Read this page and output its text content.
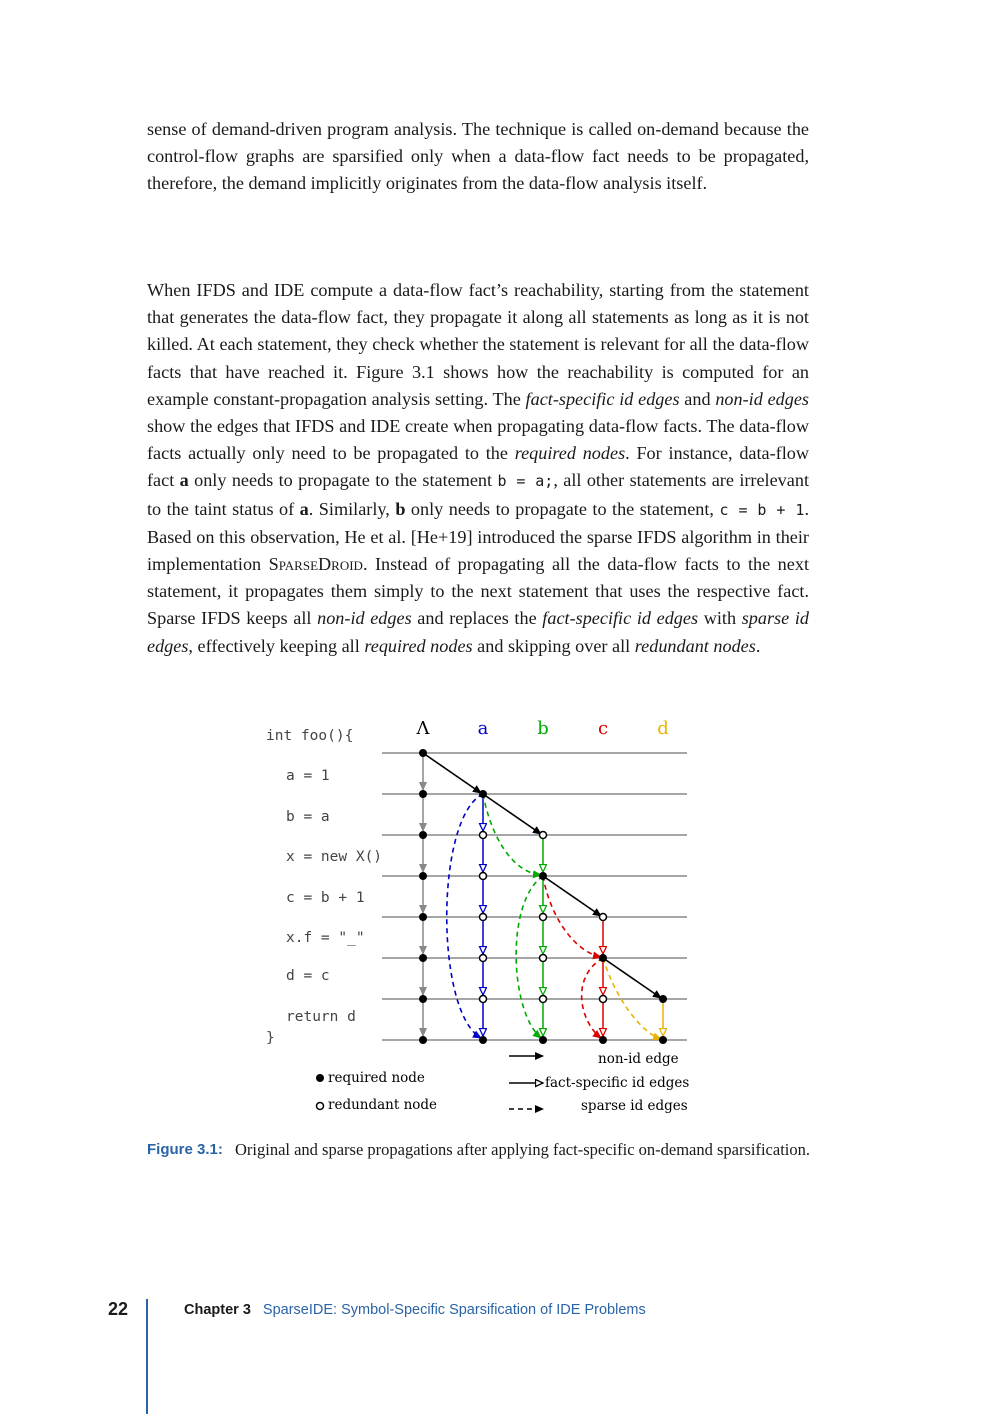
sense of demand-driven program analysis. The technique is called on-demand because the control-flow graphs are sparsified only when a data-flow fact needs to be propagated, therefore, the demand implicitly originates from the data-flow analysis itself.

When IFDS and IDE compute a data-flow fact’s reachability, starting from the statement that generates the data-flow fact, they propagate it along all statements as long as it is not killed. At each statement, they check whether the statement is relevant for all the data-flow facts that have reached it. Figure 3.1 shows how the reachability is computed for an example constant-propagation analysis setting. The fact-specific id edges and non-id edges show the edges that IFDS and IDE create when propagating data-flow facts. The data-flow facts actually only need to be propagated to the required nodes. For instance, data-flow fact a only needs to propagate to the statement b = a;, all other statements are irrelevant to the taint status of a. Similarly, b only needs to propagate to the statement, c = b + 1. Based on this observation, He et al. [He+19] introduced the sparse IFDS algorithm in their implementation SparseDroid. Instead of propagating all the data-flow facts to the next statement, it propagates them simply to the next statement that uses the respective fact. Sparse IFDS keeps all non-id edges and replaces the fact-specific id edges with sparse id edges, effectively keeping all required nodes and skipping over all redundant nodes.

int foo(){
a = 1
b = a
x = new X()
c = b + 1
x.f = "_"
d = c
return d
}
Λ	a	b	c	d
required node
redundant node
non-id edge
fact-specific id edges
sparse id edges
Figure 3.1: Original and sparse propagations after applying fact-specific on-demand sparsification.
22	Chapter 3 SparseIDE: Symbol-Specific Sparsification of IDE Problems
